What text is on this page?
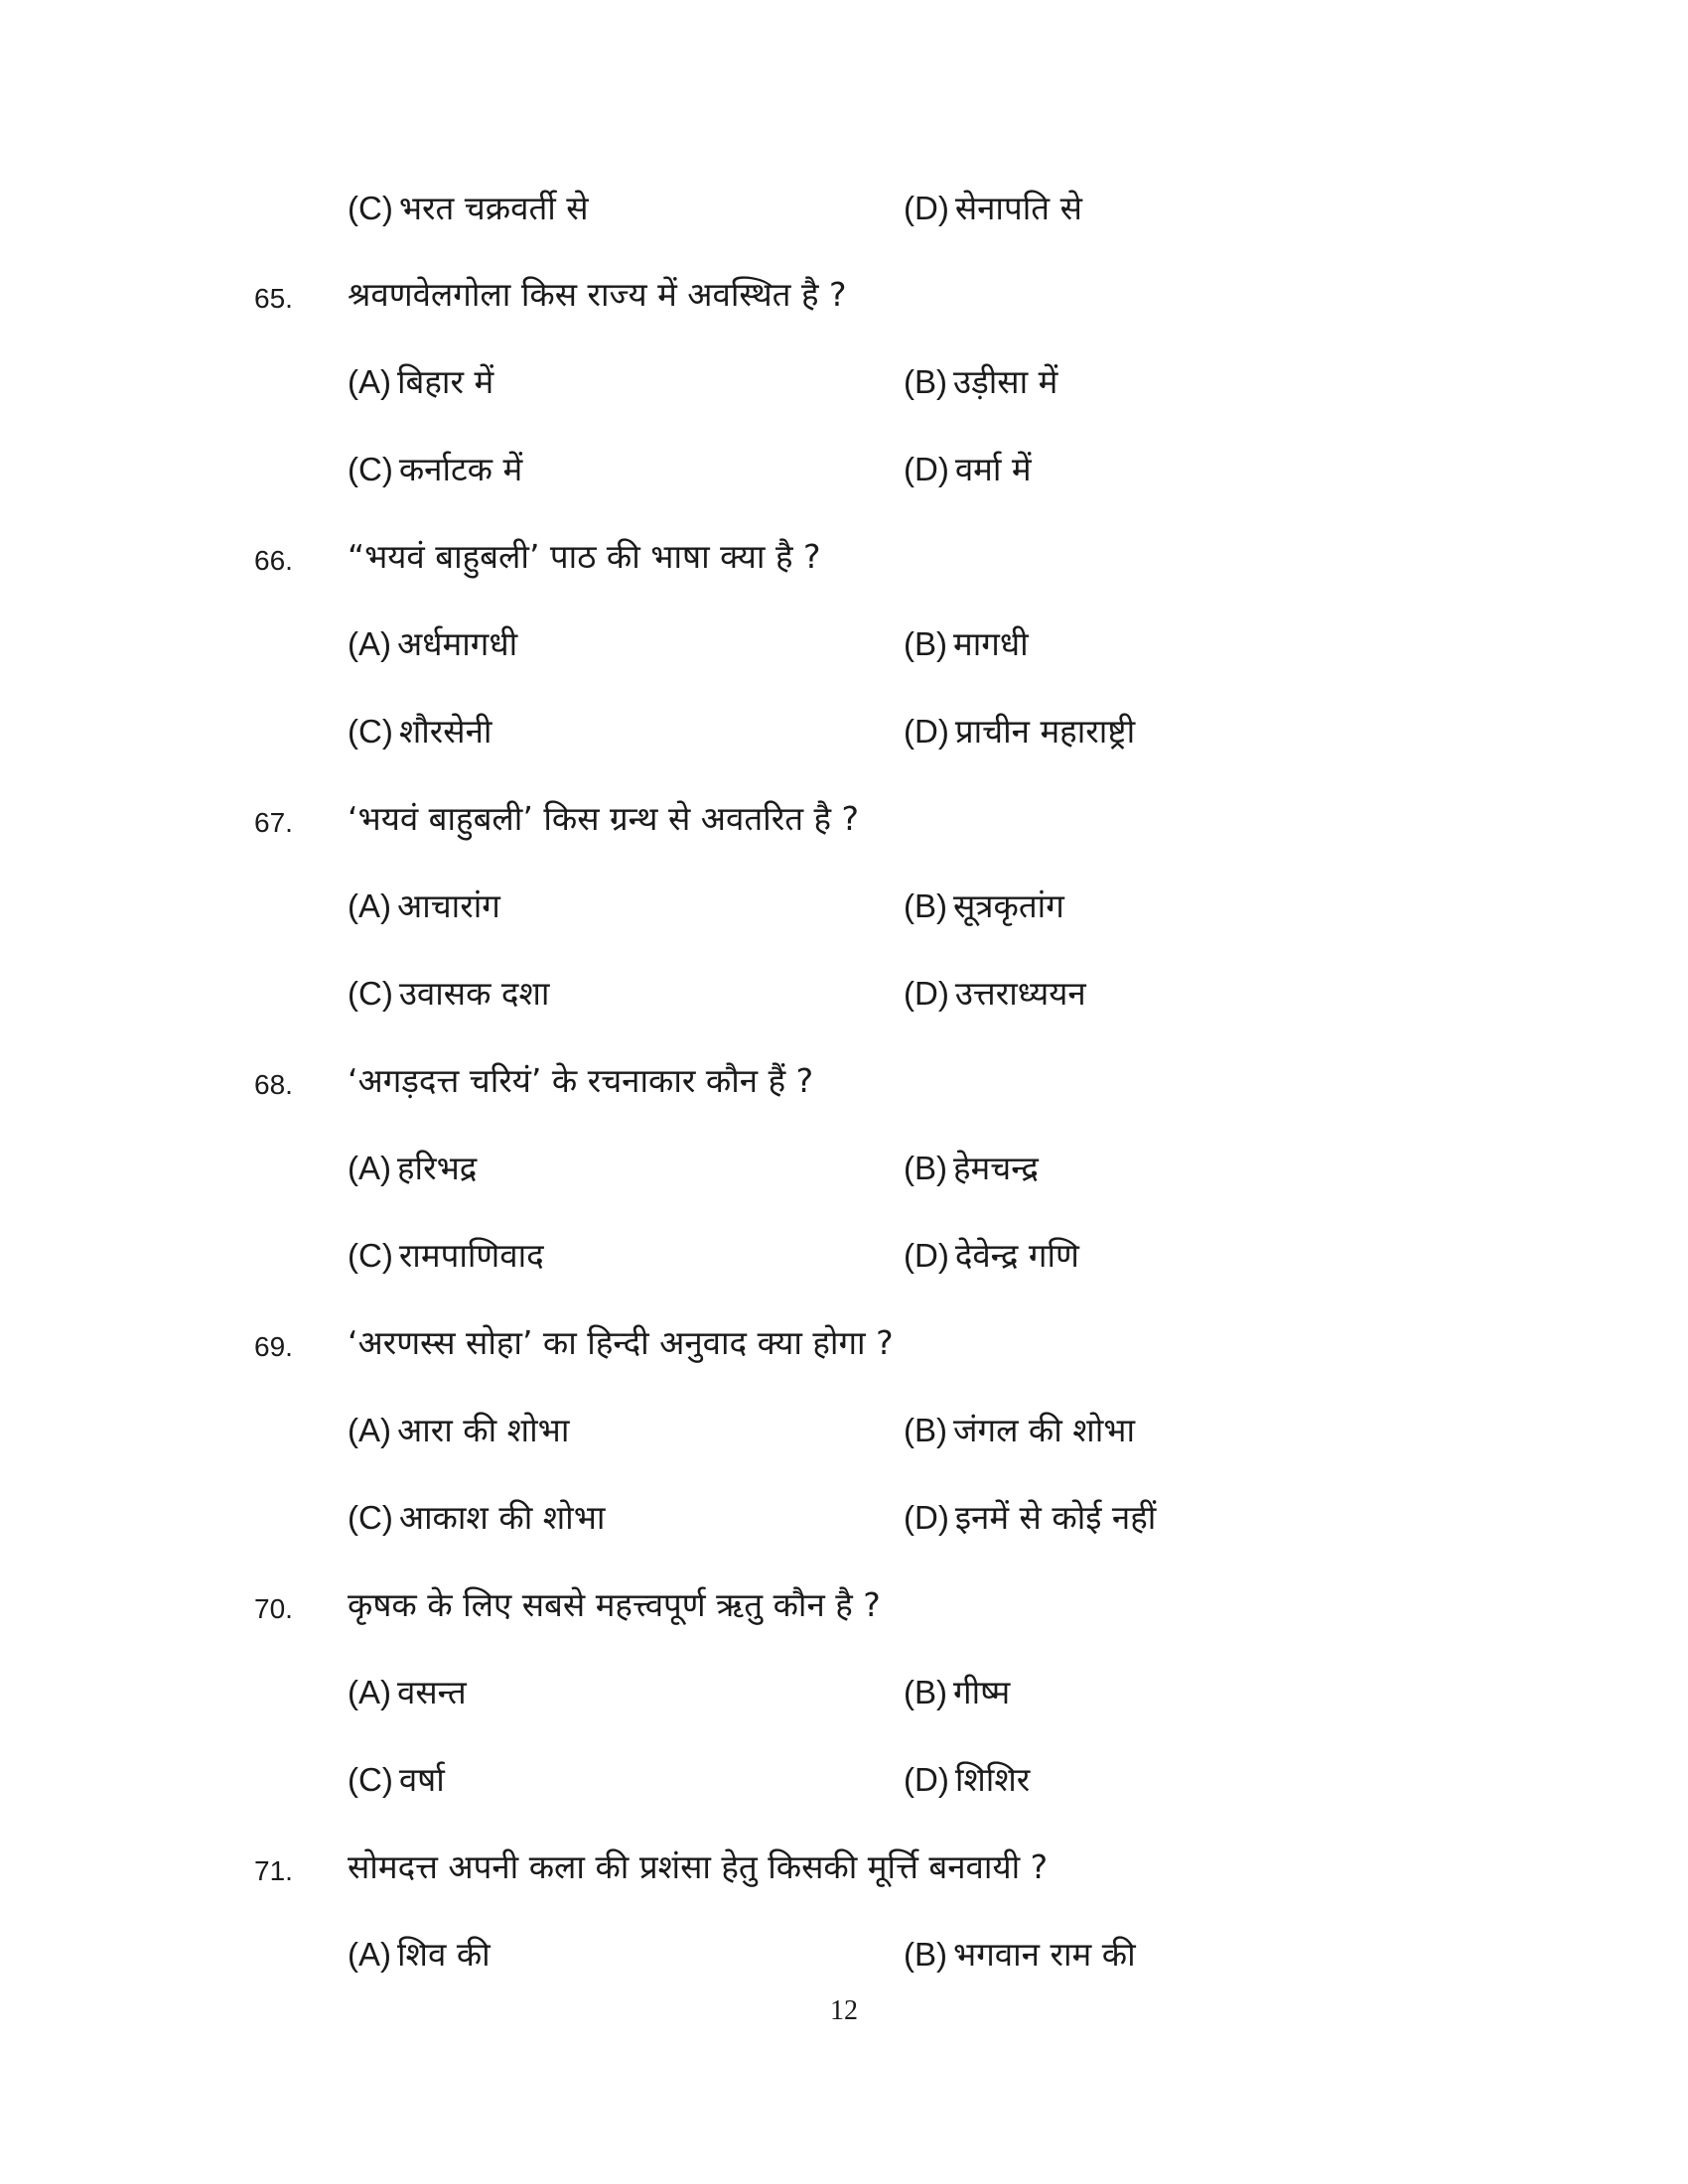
(C) भरत चक्रवर्ती से	(D) सेनापति से
65. श्रवणवेलगोला किस राज्य में अवस्थित है ?
(A) बिहार में	(B) उड़ीसा में
(C) कर्नाटक में	(D) वर्मा में
66. “भयवं बाहुबली’ पाठ की भाषा क्या है ?
(A) अर्धमागधी	(B) मागधी
(C) शौरसेनी	(D) प्राचीन महाराष्ट्री
67. ‘भयवं बाहुबली’ किस ग्रन्थ से अवतरित है ?
(A) आचारांग	(B) सूत्रकृतांग
(C) उवासक दशा	(D) उत्तराध्ययन
68. ‘अगड़दत्त चरियं’ के रचनाकार कौन हैं ?
(A) हरिभद्र	(B) हेमचन्द्र
(C) रामपाणिवाद	(D) देवेन्द्र गणि
69. ‘अरणस्स सोहा’ का हिन्दी अनुवाद क्या होगा ?
(A) आरा की शोभा	(B) जंगल की शोभा
(C) आकाश की शोभा	(D) इनमें से कोई नहीं
70. कृषक के लिए सबसे महत्त्वपूर्ण ऋतु कौन है ?
(A) वसन्त	(B) गीष्म
(C) वर्षा	(D) शिशिर
71. सोमदत्त अपनी कला की प्रशंसा हेतु किसकी मूर्त्ति बनवायी ?
(A) शिव की	(B) भगवान राम की
12
